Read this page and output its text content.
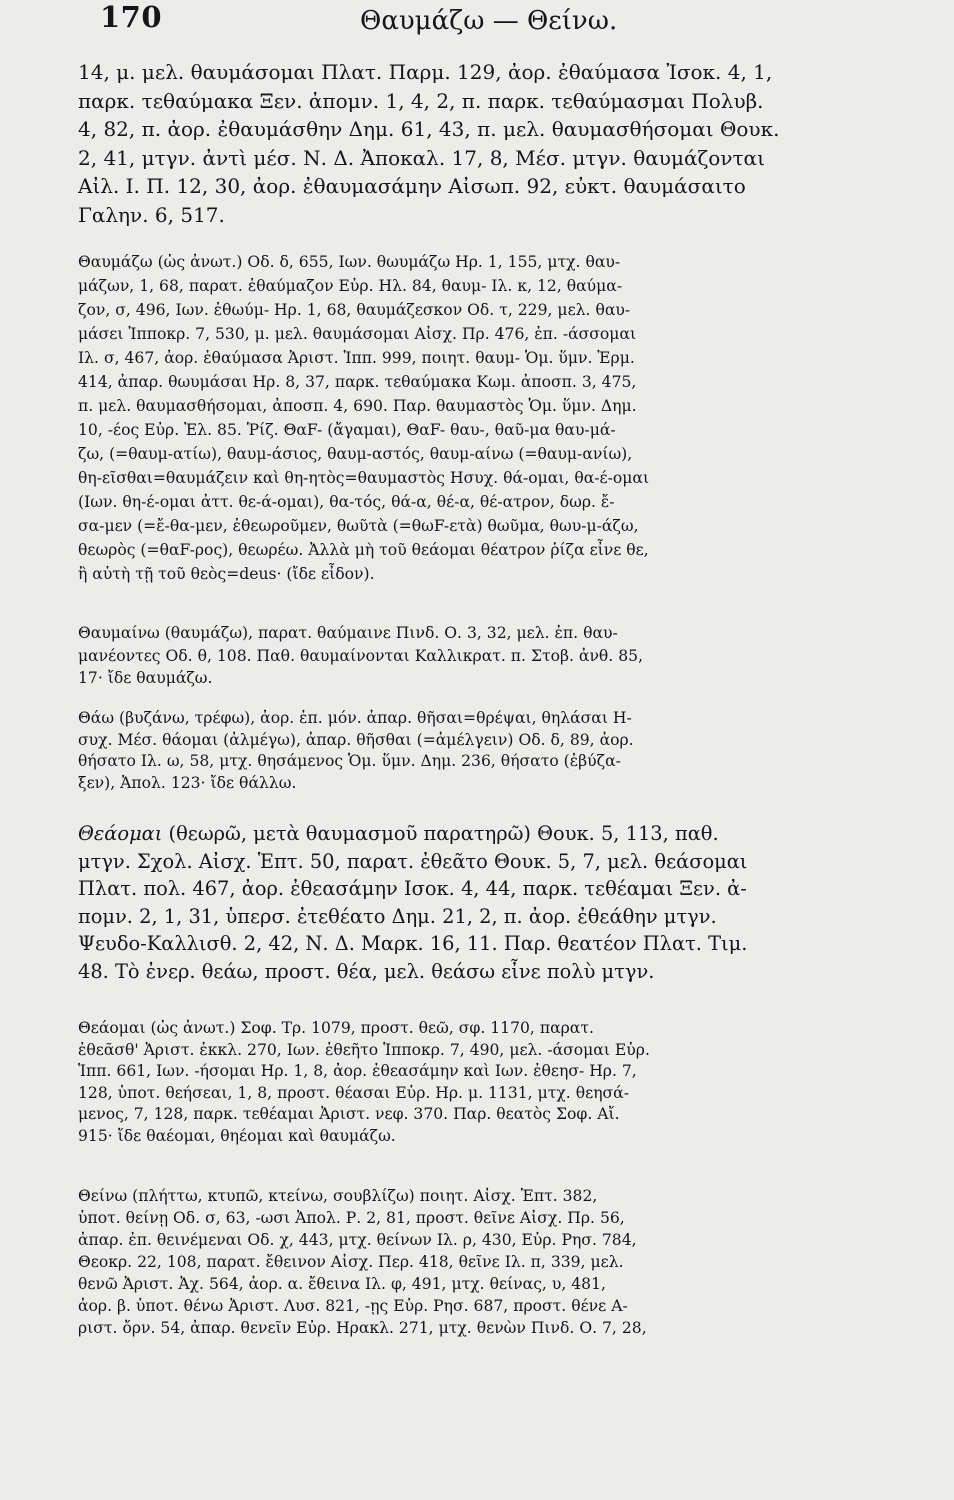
170	Θαυμάζω — Θείνω.
14, μ. μελ. θαυμάσομαι Πλατ. Παρμ. 129, ἀορ. ἐθαύμασα Ἰσοκ. 4, 1,
παρκ. τεθαύμακα Ξεν. ἀπομν. 1, 4, 2, π. παρκ. τεθαύμασμαι Πολυβ.
4, 82, π. ἀορ. ἐθαυμάσθην Δημ. 61, 43, π. μελ. θαυμασθήσομαι Θουκ.
2, 41, μτγν. ἀντὶ μέσ. Ν. Δ. Ἀποκαλ. 17, 8, Μέσ. μτγν. θαυμάζονται
Αἰλ. Ι. Π. 12, 30, ἀορ. ἐθαυμασάμην Αἰσωπ. 92, εὐκτ. θαυμάσαιτο
Γαλην. 6, 517.
Θαυμάζω (ὡς ἀνωτ.) Οδ. δ, 655, Ιων. θωυμάζω Ηρ. 1, 155, μτχ. θαυ-
μάζων, 1, 68, παρατ. ἐθαύμαζον Εὐρ. Ηλ. 84, θαυμ- Ιλ. κ, 12, θαύμα-
ζον, σ, 496, Ιων. ἐθωύμ- Ηρ. 1, 68, θαυμάζεσκον Οδ. τ, 229, μελ. θαυ-
μάσει Ἱπποκρ. 7, 530, μ. μελ. θαυμάσομαι Αἰσχ. Πρ. 476, ἐπ. -άσσομαι
Ιλ. σ, 467, ἀορ. ἐθαύμασα Ἀριστ. Ἱππ. 999, ποιητ. θαυμ- Ὁμ. ὕμν. Ἑρμ.
414, ἀπαρ. θωυμάσαι Ηρ. 8, 37, παρκ. τεθαύμακα Κωμ. ἀποσπ. 3, 475,
π. μελ. θαυμασθήσομαι, ἀποσπ. 4, 690. Παρ. θαυμαστὸς Ὁμ. ὕμν. Δημ.
10, -έος Εὐρ. Ἑλ. 85. Ῥίζ. ΘαF- (ἄγαμαι), ΘαF- θαυ-, θαῦ-μα θαυ-μά-
ζω, (=θαυμ-ατίω), θαυμ-άσιος, θαυμ-αστός, θαυμ-αίνω (=θαυμ-ανίω),
θη-εῖσθαι=θαυμάζειν καὶ θη-ητὸς=θαυμαστὸς Ησυχ. θά-ομαι, θα-έ-ομαι
(Ιων. θη-έ-ομαι ἀττ. θε-ά-ομαι), θα-τός, θά-α, θέ-α, θέ-ατρον, δωρ. ἔ-
σα-μεν (=ἔ-θα-μεν, ἐθεωροῦμεν, θωῦτὰ (=θωF-ετὰ) θωῦμα, θωυ-μ-άζω,
θεωρὸς (=θαF-ρος), θεωρέω. Ἀλλὰ μὴ τοῦ θεάομαι θέατρον ῥίζα εἶνε θε,
ἢ αὐτὴ τῇ τοῦ θεὸς=deus· (ἴδε εἶδον).
Θαυμαίνω (θαυμάζω), παρατ. θαύμαινε Πινδ. Ο. 3, 32, μελ. ἐπ. θαυ-
μανέοντες Οδ. θ, 108. Παθ. θαυμαίνονται Καλλικρατ. π. Στοβ. ἀνθ. 85,
17· ἴδε θαυμάζω.
Θάω (βυζάνω, τρέφω), ἀορ. ἐπ. μόν. ἀπαρ. θῆσαι=θρέψαι, θηλάσαι Η-
συχ. Μέσ. θάομαι (ἀλμέγω), ἀπαρ. θῆσθαι (=ἀμέλγειν) Οδ. δ, 89, ἀορ.
θήσατο Ιλ. ω, 58, μτχ. θησάμενος Ὁμ. ὕμν. Δημ. 236, θήσατο (ἐβύζα-
ξεν), Ἀπολ. 123· ἴδε θάλλω.
Θεάομαι (θεωρῶ, μετὰ θαυμασμοῦ παρατηρῶ) Θουκ. 5, 113, παθ.
μτγν. Σχολ. Αἰσχ. Ἑπτ. 50, παρατ. ἐθεᾶτο Θουκ. 5, 7, μελ. θεάσομαι
Πλατ. πολ. 467, ἀορ. ἐθεασάμην Ισοκ. 4, 44, παρκ. τεθέαμαι Ξεν. ἀ-
πομν. 2, 1, 31, ὑπερσ. ἐτεθέατο Δημ. 21, 2, π. ἀορ. ἐθεάθην μτγν.
Ψευδο-Καλλισθ. 2, 42, Ν. Δ. Μαρκ. 16, 11. Παρ. θεατέον Πλατ. Τιμ.
48. Τὸ ἐνερ. θεάω, προστ. θέα, μελ. θεάσω εἶνε πολὺ μτγν.
Θεάομαι (ὡς ἀνωτ.) Σοφ. Τρ. 1079, προστ. θεῶ, σφ. 1170, παρατ.
ἐθεᾶσθ' Ἀριστ. ἐκκλ. 270, Ιων. ἐθεῆτο Ἱπποκρ. 7, 490, μελ. -άσομαι Εὐρ.
Ἱππ. 661, Ιων. -ήσομαι Ηρ. 1, 8, ἀορ. ἐθεασάμην καὶ Ιων. ἐθεησ- Ηρ. 7,
128, ὑποτ. θεήσεαι, 1, 8, προστ. θέασαι Εὐρ. Ηρ. μ. 1131, μτχ. θεησά-
μενος, 7, 128, παρκ. τεθέαμαι Ἀριστ. νεφ. 370. Παρ. θεατὸς Σοφ. Αἴ.
915· ἴδε θαέομαι, θηέομαι καὶ θαυμάζω.
Θείνω (πλήττω, κτυπῶ, κτείνω, σουβλίζω) ποιητ. Αἰσχ. Ἑπτ. 382,
ὑποτ. θείνῃ Οδ. σ, 63, -ωσι Ἀπολ. Ρ. 2, 81, προστ. θεῖνε Αἰσχ. Πρ. 56,
ἀπαρ. ἐπ. θεινέμεναι Οδ. χ, 443, μτχ. θείνων Ιλ. ρ, 430, Εὐρ. Ρησ. 784,
Θεοκρ. 22, 108, παρατ. ἔθεινον Αἰσχ. Περ. 418, θεῖνε Ιλ. π, 339, μελ.
θενῶ Ἀριστ. Ἀχ. 564, ἀορ. α. ἔθεινα Ιλ. φ, 491, μτχ. θείνας, υ, 481,
ἀορ. β. ὑποτ. θένω Ἀριστ. Λυσ. 821, -ῃς Εὐρ. Ρησ. 687, προστ. θένε Α-
ριστ. ὄρν. 54, ἀπαρ. θενεῖν Εὐρ. Ηρακλ. 271, μτχ. θενὼν Πινδ. Ο. 7, 28,
